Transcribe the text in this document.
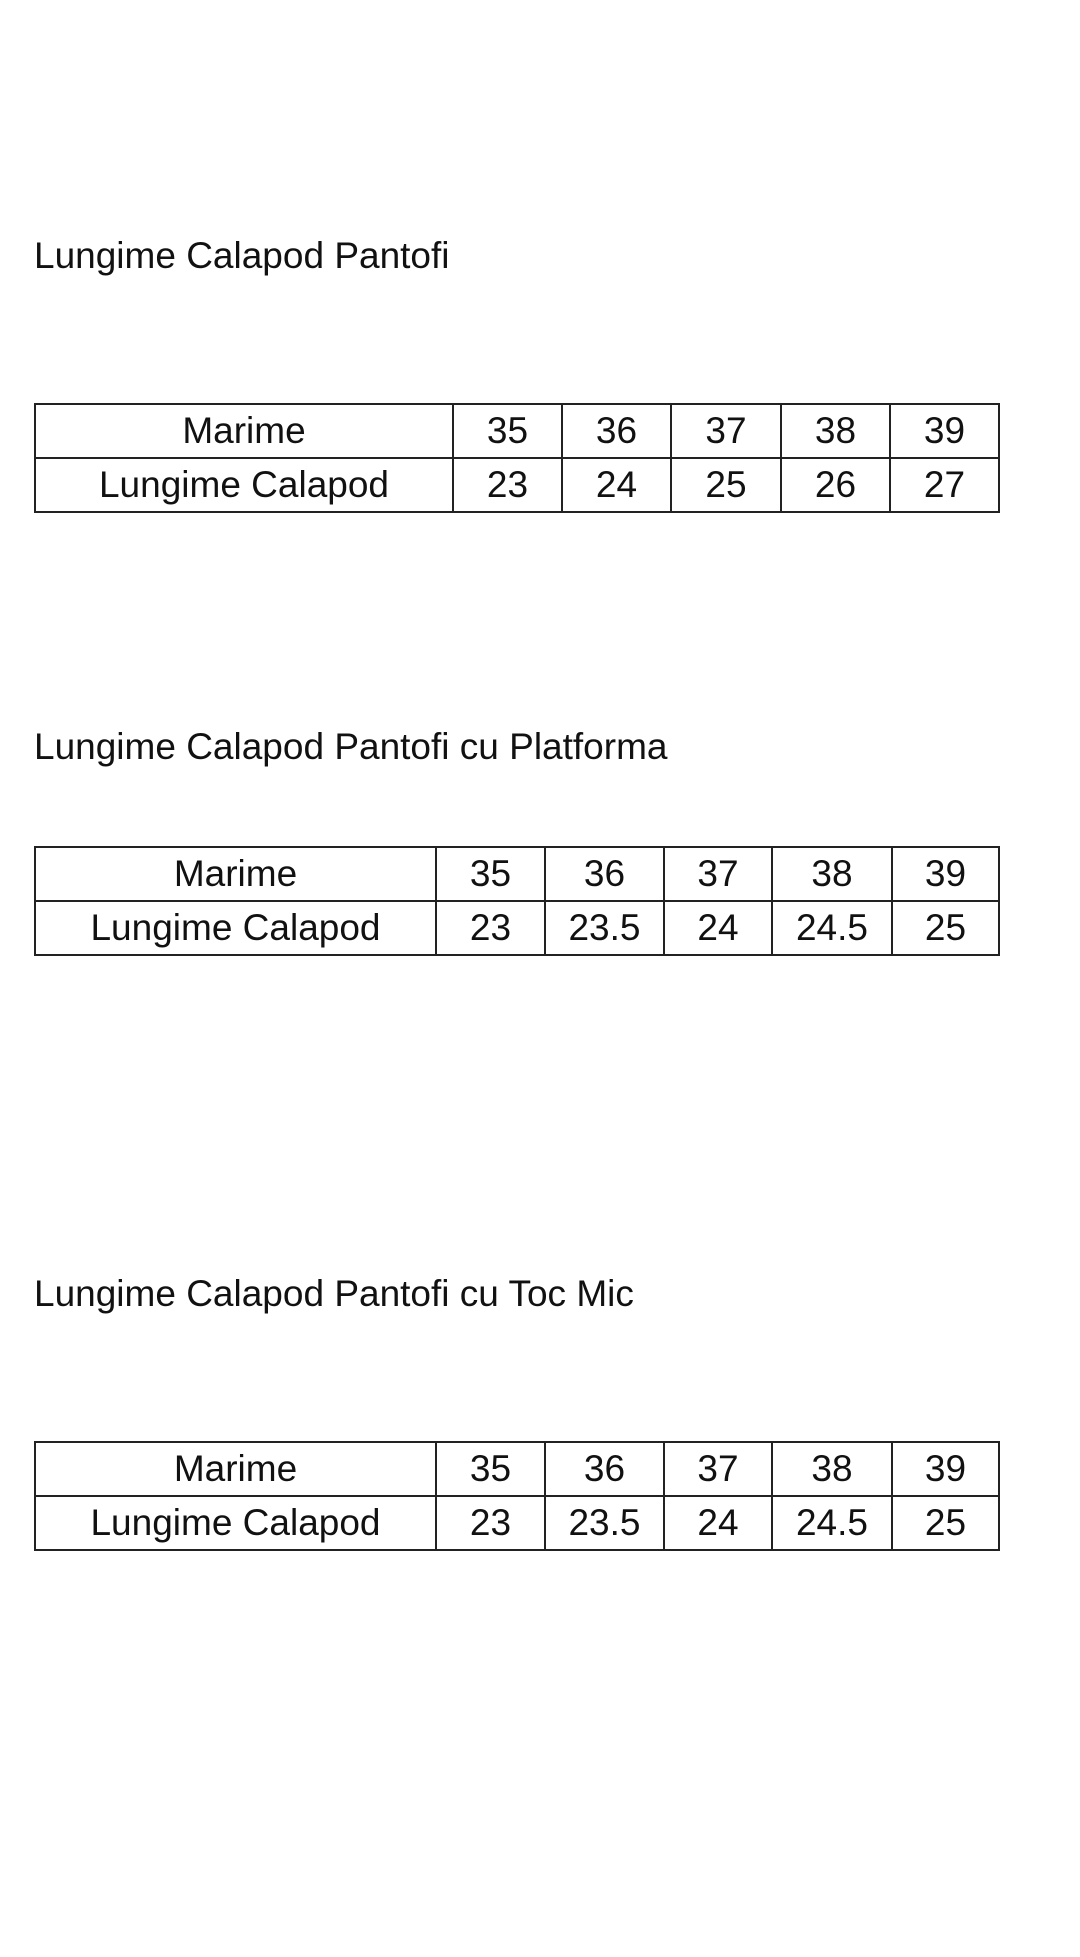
Lungime Calapod Pantofi
Marime	35	36	37	38	39
Lungime Calapod	23	24	25	26	27
Lungime Calapod Pantofi cu Platforma
Marime	35	36	37	38	39
Lungime Calapod	23	23.5	24	24.5	25
Lungime Calapod Pantofi cu Toc Mic
Marime	35	36	37	38	39
Lungime Calapod	23	23.5	24	24.5	25
